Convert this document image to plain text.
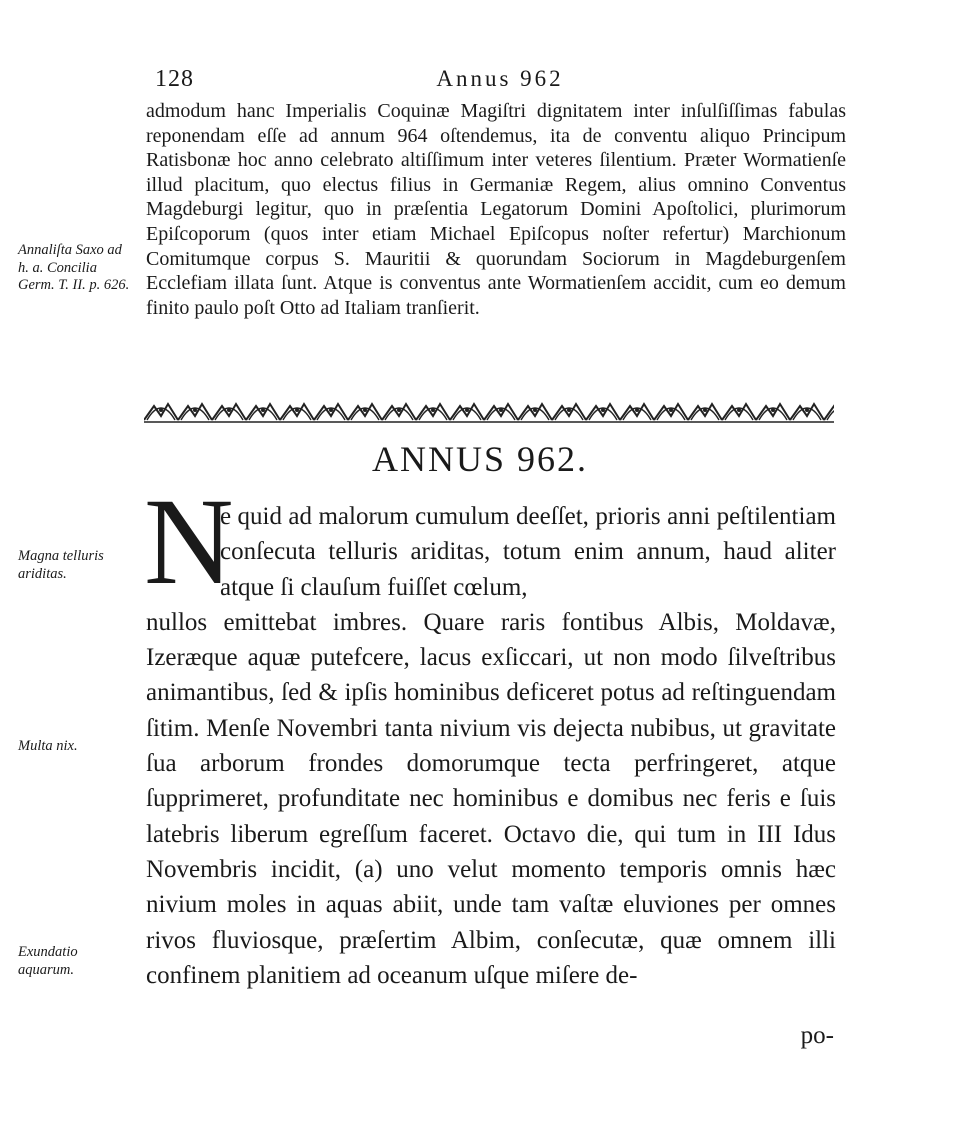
128	Annus 962

admodum hanc Imperialis Coquinæ Magiſtri dignitatem inter inſulſiſſimas fabulas reponendam eſſe ad annum 964 oſtendemus, ita de conventu aliquo Principum Ratisbonæ hoc anno celebrato altiſſimum inter veteres ſilentium. Præter Wormatienſe illud placitum, quo electus filius in Germaniæ Regem, alius omnino Conventus Magdeburgi legitur, quo in præſentia Legatorum Domini Apoſtolici, plurimorum Epiſcoporum (quos inter etiam Michael Epiſcopus noſter refertur) Marchionum Comitumque corpus S. Mauritii & quorundam Sociorum in Magdeburgenſem Ecclefiam illata ſunt. Atque is conventus ante Wormatienſem accidit, cum eo demum finito paulo poſt Otto ad Italiam tranſierit.

Annaliſta Saxo ad h. a. Concilia Germ. T. II. p. 626.
ANNUS 962.
N
Magna telluris ariditas.
Multa nix.
Exundatio aquarum.

e quid ad malorum cumulum deeſſet, prioris anni peſtilentiam conſecuta telluris ariditas, totum enim annum, haud aliter atque ſi clauſum fuiſſet cœlum,

nullos emittebat imbres. Quare raris fontibus Albis, Moldavæ, Izeræque aquæ putefcere, lacus exſiccari, ut non modo ſilveſtribus animantibus, ſed & ipſis hominibus deficeret potus ad reſtinguendam ſitim. Menſe Novembri tanta nivium vis dejecta nubibus, ut gravitate ſua arborum frondes domorumque tecta perfringeret, atque ſupprimeret, profunditate nec hominibus e domibus nec feris e ſuis latebris liberum egreſſum faceret. Octavo die, qui tum in III Idus Novembris incidit, (a) uno velut momento temporis omnis hæc nivium moles in aquas abiit, unde tam vaſtæ eluviones per omnes rivos fluviosque, præſertim Albim, conſecutæ, quæ omnem illi confinem planitiem ad oceanum uſque miſere de-

po-
